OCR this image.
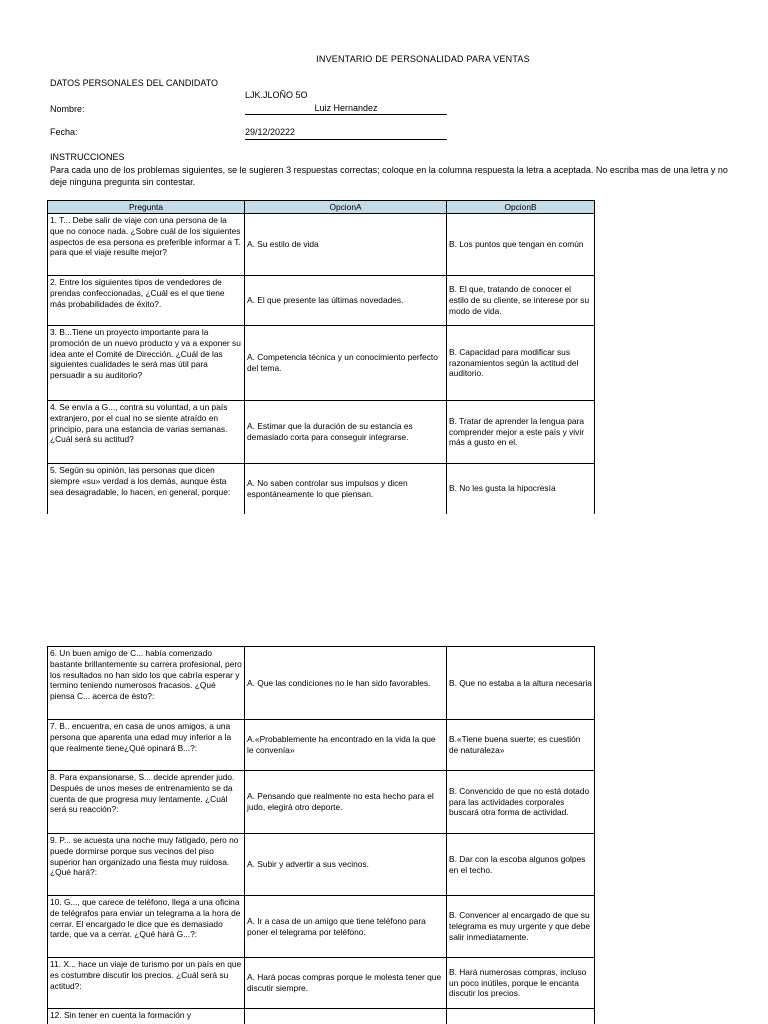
INVENTARIO DE PERSONALIDAD PARA VENTAS
DATOS PERSONALES DEL CANDIDATO
LJK.JLOÑO 5O
Nombre:	Luiz Hernandez
Fecha:	29/12/20222
INSTRUCCIONES
Para cada uno de los problemas siguientes, se le sugieren 3 respuestas correctas; coloque en la columna respuesta la letra a aceptada. No escriba mas de una letra y no deje ninguna pregunta sin contestar.
Pregunta	OpcionA	OpcionB
1. T... Debe salir de viaje con una persona de la que no conoce nada. ¿Sobre cuál de los siguientes aspectos de esa persona es preferible informar a T. para que el viaje resulte mejor?	A. Su estilo de vida	B. Los puntos que tengan en común
2. Entre los siguientes tipos de vendedores de prendas confeccionadas, ¿Cuál es el que tiene más probabilidades de éxito?.	A. El que presente las últimas novedades.	B. El que, tratando de conocer el estilo de su cliente, se interese por su modo de vida.
3. B...Tiene un proyecto importante para la promoción de un nuevo producto y va a exponer su idea ante el Comité de Dirección. ¿Cuál de las siguientes cualidades le será mas útil para persuadir a su auditorio?	A. Competencia técnica y un conocimiento perfecto del tema.	B. Capacidad para modificar sus razonamientos según la actitud del auditorio.
4. Se envía a G..., contra su voluntad, a un país extranjero, por el cual no se siente atraído en principio, para una estancia de varias semanas. ¿Cuál será su actitud?	A. Estimar que la duración de su estancia es demasiado corta para conseguir integrarse.	B. Tratar de aprender la lengua para comprender mejor a este país y vivir más a gusto en el.
5. Según su opinión, las personas que dicen siempre «su» verdad a los demás, aunque ésta sea desagradable, lo hacen, en general, porque:	A. No saben controlar sus impulsos y dicen espontáneamente lo que piensan.	B. No les gusta la hipocresía
6. Un buen amigo de C... había comenzado bastante brillantemente su carrera profesional, pero los resultados no han sido los que cabría esperar y termino teniendo numerosos fracasos. ¿Qué piensa C... acerca de ésto?:	A. Que las condiciones no le han sido favorables.	B. Que no estaba a la altura necesaria
7. B.. encuentra, en casa de unos amigos, a una persona que aparenta una edad muy inferior a la que realmente tiene¿Qué opinará B...?:	A.«Probablemente ha encontrado en la vida la que le convenía»	B.«Tiene buena suerte; es cuestión de naturaleza»
8. Para expansionarse, S... decide aprender judo. Después de unos meses de entrenamiento se da cuenta de que progresa muy lentamente. ¿Cuál será su reacción?:	A. Pensando que realmente no esta hecho para el judo, elegirá otro deporte.	B. Convencido de que no está dotado para las actividades corporales buscará otra forma de actividad.
9. P... se acuesta una noche muy fatigado, pero no puede dormirse porque sus vecinos del piso superior han organizado una fiesta muy ruidosa. ¿Qué hará?:	A. Subir y advertir a sus vecinos.	B. Dar con la escoba algunos golpes en el techo.
10. G..., que carece de teléfono, llega a una oficina de telégrafos para enviar un telegrama a la hora de cerrar. El encargado le dice que es demasiado tarde, que va a cerrar. ¿Qué hará G...?:	A. Ir a casa de un amigo que tiene teléfono para poner el telegrama por teléfono.	B. Convencer al encargado de que su telegrama es muy urgente y que debe salir inmediatamente.
11. X... hace un viaje de turismo por un país en que es costumbre discutir los precios. ¿Cuál será su actitud?:	A. Hará pocas compras porque le molesta tener que discutir siempre.	B. Hará numerosas compras, incluso un poco inútiles, porque le encanta discutir los precios.
12. Sin tener en cuenta la formación y		
